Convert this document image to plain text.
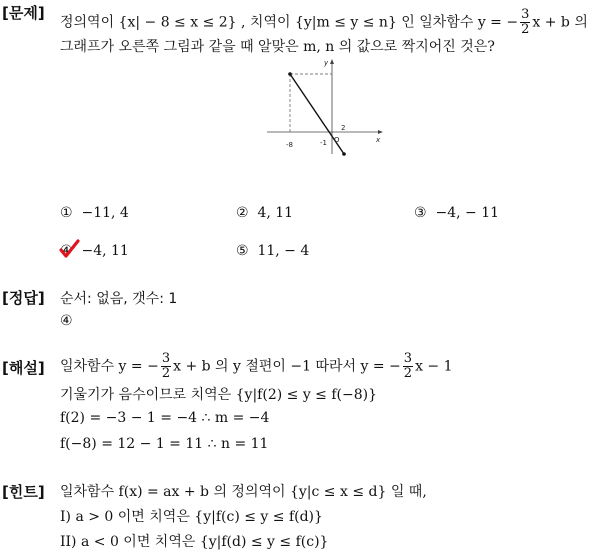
[문제]
정의역이 {x| − 8 ≤ x ≤ 2} , 치역이 {y|m ≤ y ≤ n} 인 일차함수 y = − $\frac{3}{2}$ x + b 의
그래프가 오른쪽 그림과 같을 때 알맞은 m, n 의 값으로 짝지어진 것은?
y
x
O
-8	-1
2
① −11, 4	② 4, 11	③ −4, − 11
④ −4, 11	⑤ 11, − 4
[정답] 순서: 없음, 갯수: 1
④
[해설] 일차함수 y = − $\frac{3}{2}$ x + b 의 y 절편이 −1 따라서 y = − $\frac{3}{2}$ x − 1
기울기가 음수이므로 치역은 {y|f(2) ≤ y ≤ f(−8)}
f(2) = −3 − 1 = −4 ∴ m = −4
f(−8) = 12 − 1 = 11 ∴ n = 11
[힌트] 일차함수 f(x) = ax + b 의 정의역이 {y|c ≤ x ≤ d} 일 때,
I) a > 0 이면 치역은 {y|f(c) ≤ y ≤ f(d)}
II) a < 0 이면 치역은 {y|f(d) ≤ y ≤ f(c)}
